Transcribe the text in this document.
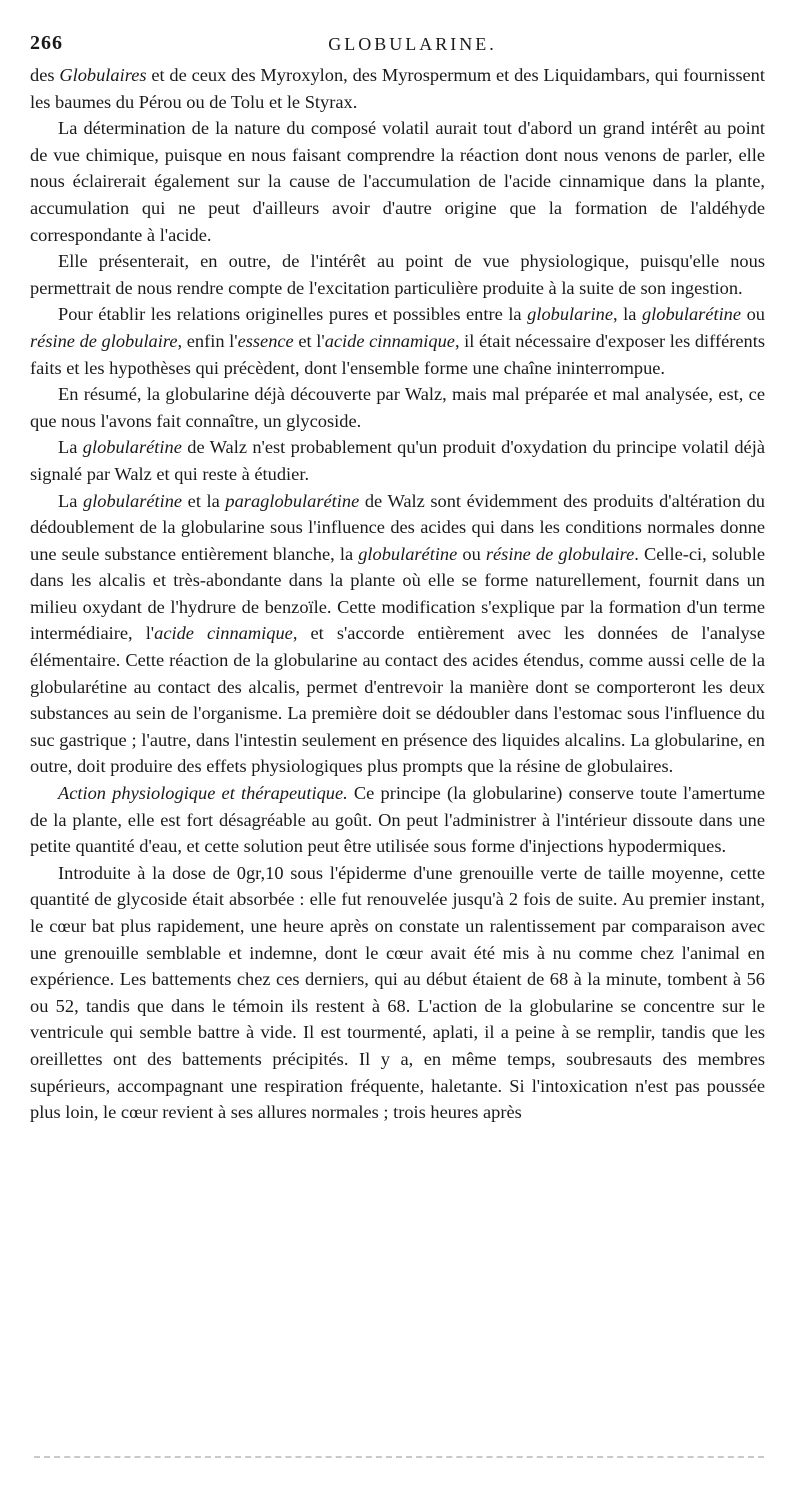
266	GLOBULARINE.

des Globulaires et de ceux des Myroxylon, des Myrospermum et des Liquidambars, qui fournissent les baumes du Pérou ou de Tolu et le Styrax.

La détermination de la nature du composé volatil aurait tout d'abord un grand intérêt au point de vue chimique, puisque en nous faisant comprendre la réaction dont nous venons de parler, elle nous éclairerait également sur la cause de l'accumulation de l'acide cinnamique dans la plante, accumulation qui ne peut d'ailleurs avoir d'autre origine que la formation de l'aldéhyde correspondante à l'acide.

Elle présenterait, en outre, de l'intérêt au point de vue physiologique, puisqu'elle nous permettrait de nous rendre compte de l'excitation particulière produite à la suite de son ingestion.

Pour établir les relations originelles pures et possibles entre la globularine, la globularétine ou résine de globulaire, enfin l'essence et l'acide cinnamique, il était nécessaire d'exposer les différents faits et les hypothèses qui précèdent, dont l'ensemble forme une chaîne ininterrompue.

En résumé, la globularine déjà découverte par Walz, mais mal préparée et mal analysée, est, ce que nous l'avons fait connaître, un glycoside.

La globularétine de Walz n'est probablement qu'un produit d'oxydation du principe volatil déjà signalé par Walz et qui reste à étudier.

La globularétine et la paraglobularétine de Walz sont évidemment des produits d'altération du dédoublement de la globularine sous l'influence des acides qui dans les conditions normales donne une seule substance entièrement blanche, la globularétine ou résine de globulaire. Celle-ci, soluble dans les alcalis et très-abondante dans la plante où elle se forme naturellement, fournit dans un milieu oxydant de l'hydrure de benzoïle. Cette modification s'explique par la formation d'un terme intermédiaire, l'acide cinnamique, et s'accorde entièrement avec les données de l'analyse élémentaire. Cette réaction de la globularine au contact des acides étendus, comme aussi celle de la globularétine au contact des alcalis, permet d'entrevoir la manière dont se comporteront les deux substances au sein de l'organisme. La première doit se dédoubler dans l'estomac sous l'influence du suc gastrique ; l'autre, dans l'intestin seulement en présence des liquides alcalins. La globularine, en outre, doit produire des effets physiologiques plus prompts que la résine de globulaires.

Action physiologique et thérapeutique. Ce principe (la globularine) conserve toute l'amertume de la plante, elle est fort désagréable au goût. On peut l'administrer à l'intérieur dissoute dans une petite quantité d'eau, et cette solution peut être utilisée sous forme d'injections hypodermiques.

Introduite à la dose de 0gr,10 sous l'épiderme d'une grenouille verte de taille moyenne, cette quantité de glycoside était absorbée : elle fut renouvelée jusqu'à 2 fois de suite. Au premier instant, le cœur bat plus rapidement, une heure après on constate un ralentissement par comparaison avec une grenouille semblable et indemne, dont le cœur avait été mis à nu comme chez l'animal en expérience. Les battements chez ces derniers, qui au début étaient de 68 à la minute, tombent à 56 ou 52, tandis que dans le témoin ils restent à 68. L'action de la globularine se concentre sur le ventricule qui semble battre à vide. Il est tourmenté, aplati, il a peine à se remplir, tandis que les oreillettes ont des battements précipités. Il y a, en même temps, soubresauts des membres supérieurs, accompagnant une respiration fréquente, haletante. Si l'intoxication n'est pas poussée plus loin, le cœur revient à ses allures normales ; trois heures après
